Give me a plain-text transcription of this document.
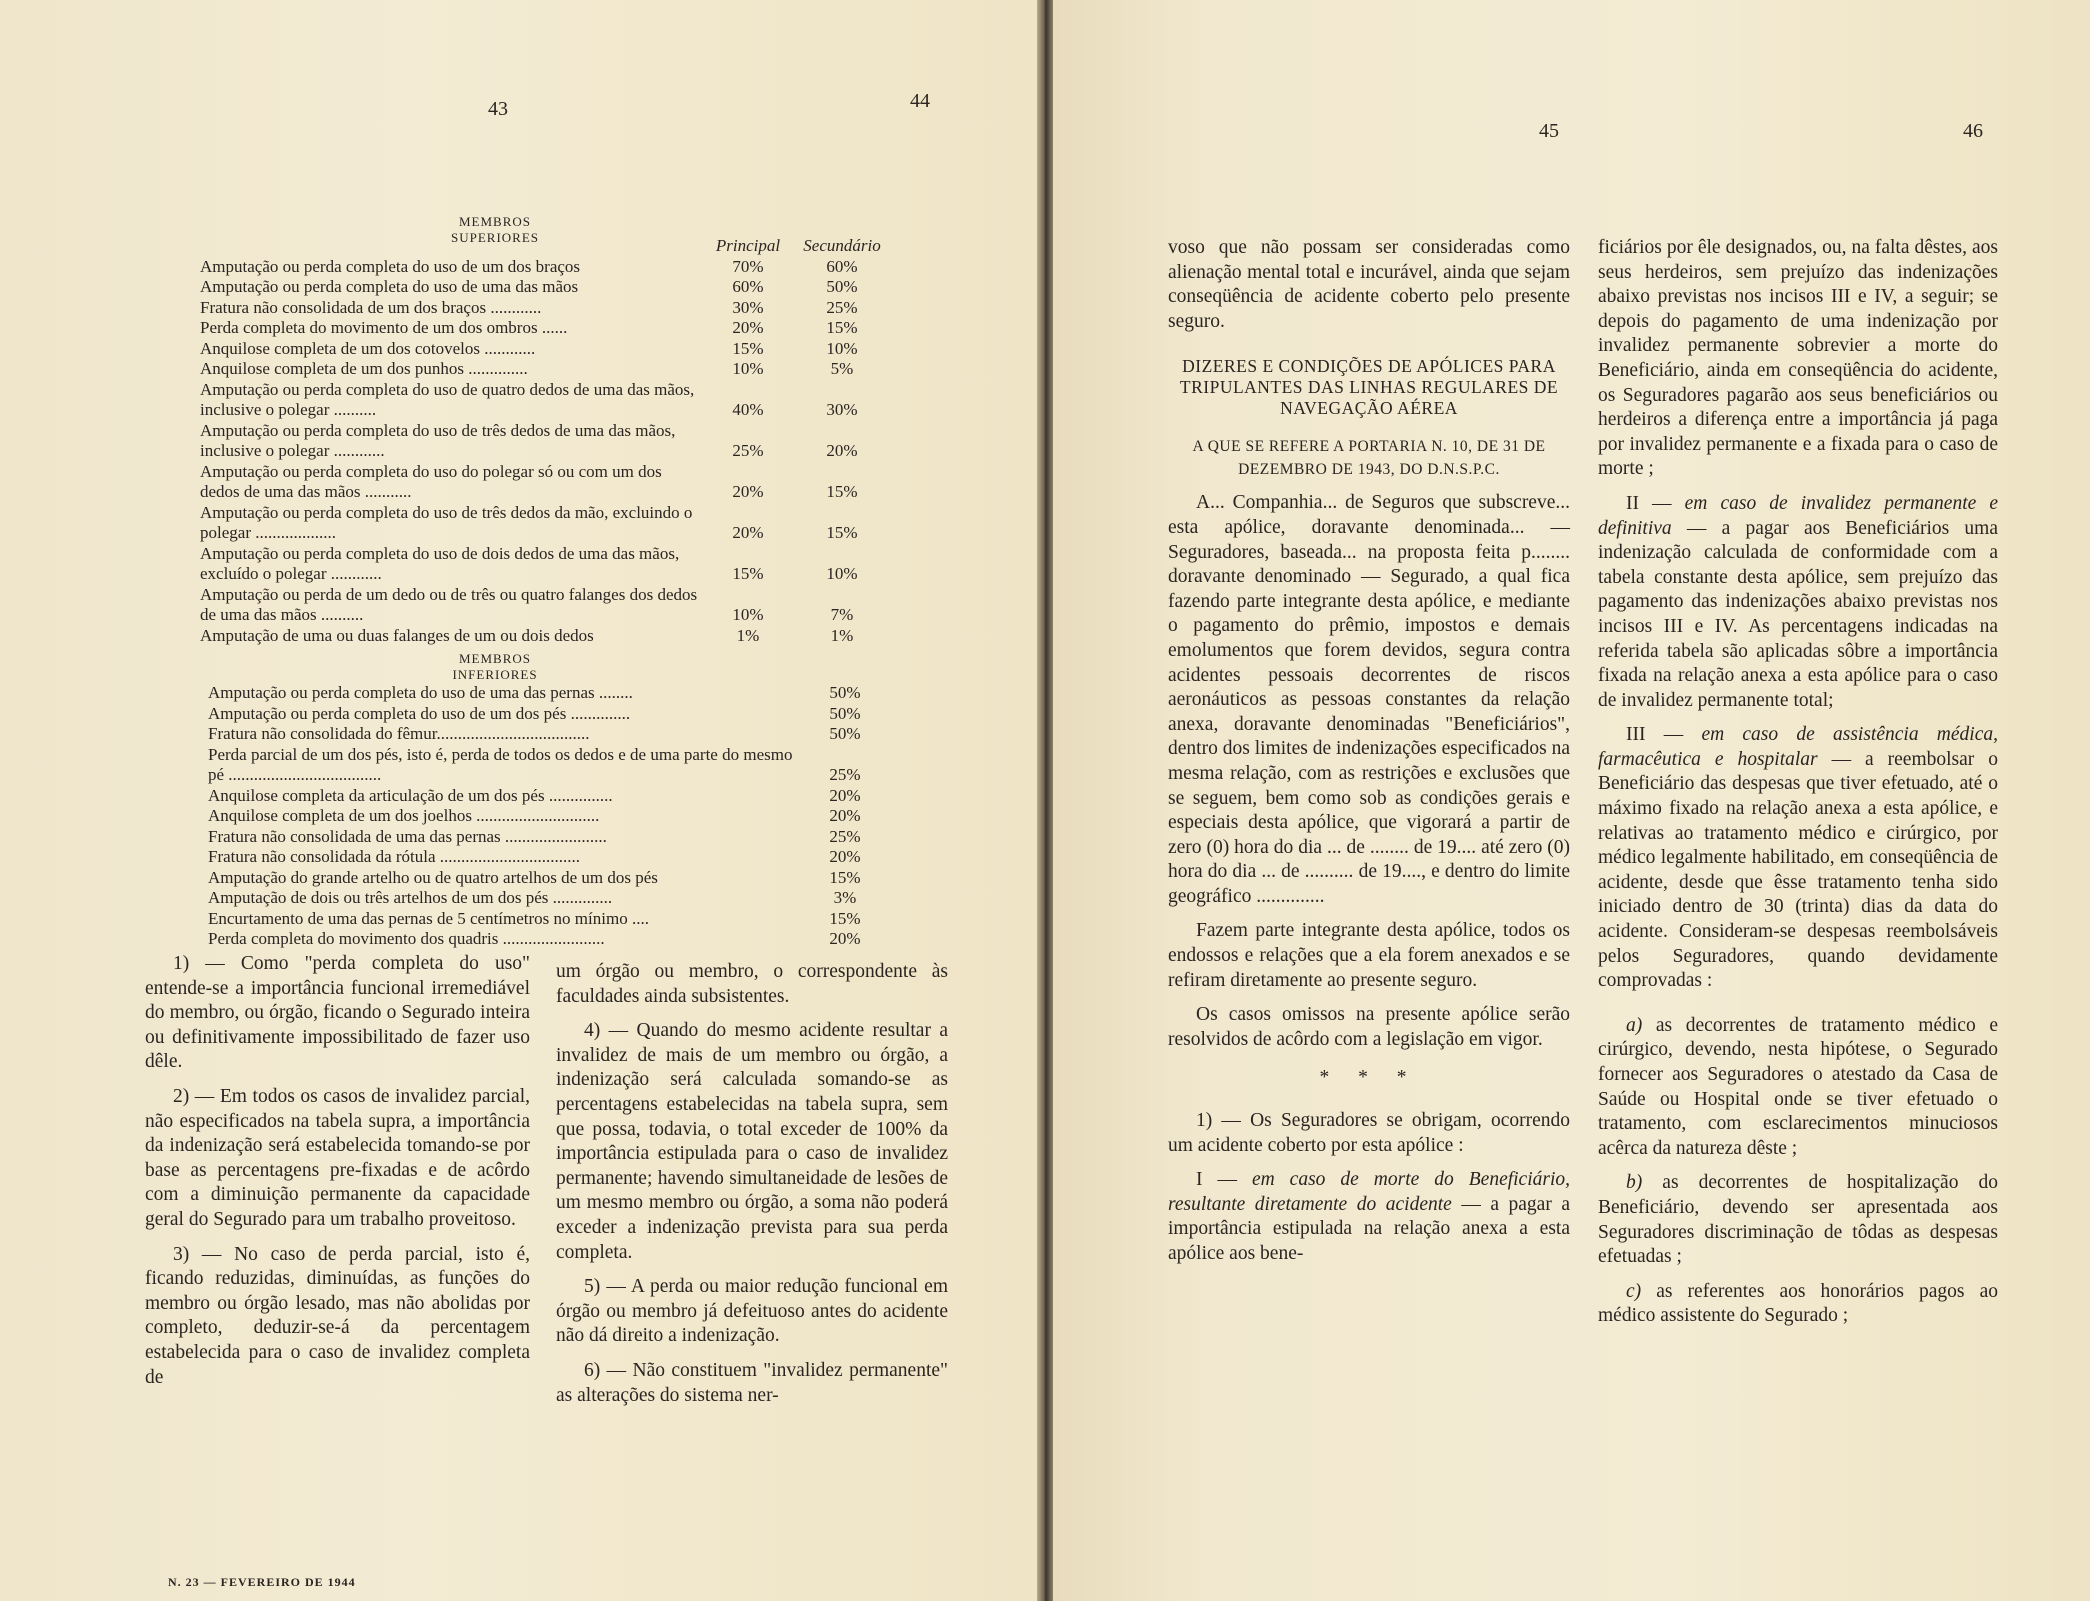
43	44
MEMBROS SUPERIORES	Principal	Secundário
Amputação ou perda completa do uso de um dos braços	70%	60%
Amputação ou perda completa do uso de uma das mãos	60%	50%
Fratura não consolidada de um dos braços ............	30%	25%
Perda completa do movimento de um dos ombros ......	20%	15%
Anquilose completa de um dos cotovelos ............	15%	10%
Anquilose completa de um dos punhos ..............	10%	5%
Amputação ou perda completa do uso de quatro dedos de uma das mãos, inclusive o polegar ..........	40%	30%
Amputação ou perda completa do uso de três dedos de uma das mãos, inclusive o polegar ............	25%	20%
Amputação ou perda completa do uso do polegar só ou com um dos dedos de uma das mãos ...........	20%	15%
Amputação ou perda completa do uso de três dedos da mão, excluindo o polegar ...................	20%	15%
Amputação ou perda completa do uso de dois dedos de uma das mãos, excluído o polegar ............	15%	10%
Amputação ou perda de um dedo ou de três ou quatro falanges dos dedos de uma das mãos ..........	10%	7%
Amputação de uma ou duas falanges de um ou dois dedos	1%	1%
MEMBROS INFERIORES
Amputação ou perda completa do uso de uma das pernas ........	50%
Amputação ou perda completa do uso de um dos pés ..............	50%
Fratura não consolidada do fêmur....................................	50%
Perda parcial de um dos pés, isto é, perda de todos os dedos e de uma parte do mesmo pé ....................................	25%
Anquilose completa da articulação de um dos pés ...............	20%
Anquilose completa de um dos joelhos .............................	20%
Fratura não consolidada de uma das pernas ........................	25%
Fratura não consolidada da rótula .................................	20%
Amputação do grande artelho ou de quatro artelhos de um dos pés	15%
Amputação de dois ou três artelhos de um dos pés ..............	3%
Encurtamento de uma das pernas de 5 centímetros no mínimo ....	15%
Perda completa do movimento dos quadris ........................	20%

1) — Como "perda completa do uso" entende-se a importância funcional irremediável do membro, ou órgão, ficando o Segurado inteira ou definitivamente impossibilitado de fazer uso dêle.

2) — Em todos os casos de invalidez parcial, não especificados na tabela supra, a importância da indenização será estabelecida tomando-se por base as percentagens pre-fixadas e de acôrdo com a diminuição permanente da capacidade geral do Segurado para um trabalho proveitoso.

3) — No caso de perda parcial, isto é, ficando reduzidas, diminuídas, as funções do membro ou órgão lesado, mas não abolidas por completo, deduzir-se-á da percentagem estabelecida para o caso de invalidez completa de

um órgão ou membro, o correspondente às faculdades ainda subsistentes.

4) — Quando do mesmo acidente resultar a invalidez de mais de um membro ou órgão, a indenização será calculada somando-se as percentagens estabelecidas na tabela supra, sem que possa, todavia, o total exceder de 100% da importância estipulada para o caso de invalidez permanente; havendo simultaneidade de lesões de um mesmo membro ou órgão, a soma não poderá exceder a indenização prevista para sua perda completa.

5) — A perda ou maior redução funcional em órgão ou membro já defeituoso antes do acidente não dá direito a indenização.

6) — Não constituem "invalidez permanente" as alterações do sistema ner-

N. 23 — FEVEREIRO DE 1944
45	46

voso que não possam ser consideradas como alienação mental total e incurável, ainda que sejam conseqüência de acidente coberto pelo presente seguro.

DIZERES E CONDIÇÕES DE APÓLICES PARA TRIPULANTES DAS LINHAS REGULARES DE NAVEGAÇÃO AÉREA
A QUE SE REFERE A PORTARIA N. 10, DE 31 DE DEZEMBRO DE 1943, DO D.N.S.P.C.

A... Companhia... de Seguros que subscreve... esta apólice, doravante denominada... — Seguradores, baseada... na proposta feita p........ doravante denominado — Segurado, a qual fica fazendo parte integrante desta apólice, e mediante o pagamento do prêmio, impostos e demais emolumentos que forem devidos, segura contra acidentes pessoais decorrentes de riscos aeronáuticos as pessoas constantes da relação anexa, doravante denominadas "Beneficiários", dentro dos limites de indenizações especificados na mesma relação, com as restrições e exclusões que se seguem, bem como sob as condições gerais e especiais desta apólice, que vigorará a partir de zero (0) hora do dia ... de ........ de 19.... até zero (0) hora do dia ... de .......... de 19...., e dentro do limite geográfico ..............

Fazem parte integrante desta apólice, todos os endossos e relações que a ela forem anexados e se refiram diretamente ao presente seguro.

Os casos omissos na presente apólice serão resolvidos de acôrdo com a legislação em vigor.

* * *

1) — Os Seguradores se obrigam, ocorrendo um acidente coberto por esta apólice :

I — em caso de morte do Beneficiário, resultante diretamente do acidente — a pagar a importância estipulada na relação anexa a esta apólice aos bene-

ficiários por êle designados, ou, na falta dêstes, aos seus herdeiros, sem prejuízo das indenizações abaixo previstas nos incisos III e IV, a seguir; se depois do pagamento de uma indenização por invalidez permanente sobrevier a morte do Beneficiário, ainda em conseqüência do acidente, os Seguradores pagarão aos seus beneficiários ou herdeiros a diferença entre a importância já paga por invalidez permanente e a fixada para o caso de morte ;

II — em caso de invalidez permanente e definitiva — a pagar aos Beneficiários uma indenização calculada de conformidade com a tabela constante desta apólice, sem prejuízo das pagamento das indenizações abaixo previstas nos incisos III e IV. As percentagens indicadas na referida tabela são aplicadas sôbre a importância fixada na relação anexa a esta apólice para o caso de invalidez permanente total;

III — em caso de assistência médica, farmacêutica e hospitalar — a reembolsar o Beneficiário das despesas que tiver efetuado, até o máximo fixado na relação anexa a esta apólice, e relativas ao tratamento médico e cirúrgico, por médico legalmente habilitado, em conseqüência de acidente, desde que êsse tratamento tenha sido iniciado dentro de 30 (trinta) dias da data do acidente. Consideram-se despesas reembolsáveis pelos Seguradores, quando devidamente comprovadas :

a) as decorrentes de tratamento médico e cirúrgico, devendo, nesta hipótese, o Segurado fornecer aos Seguradores o atestado da Casa de Saúde ou Hospital onde se tiver efetuado o tratamento, com esclarecimentos minuciosos acêrca da natureza dêste ;

b) as decorrentes de hospitalização do Beneficiário, devendo ser apresentada aos Seguradores discriminação de tôdas as despesas efetuadas ;

c) as referentes aos honorários pagos ao médico assistente do Segurado ;
